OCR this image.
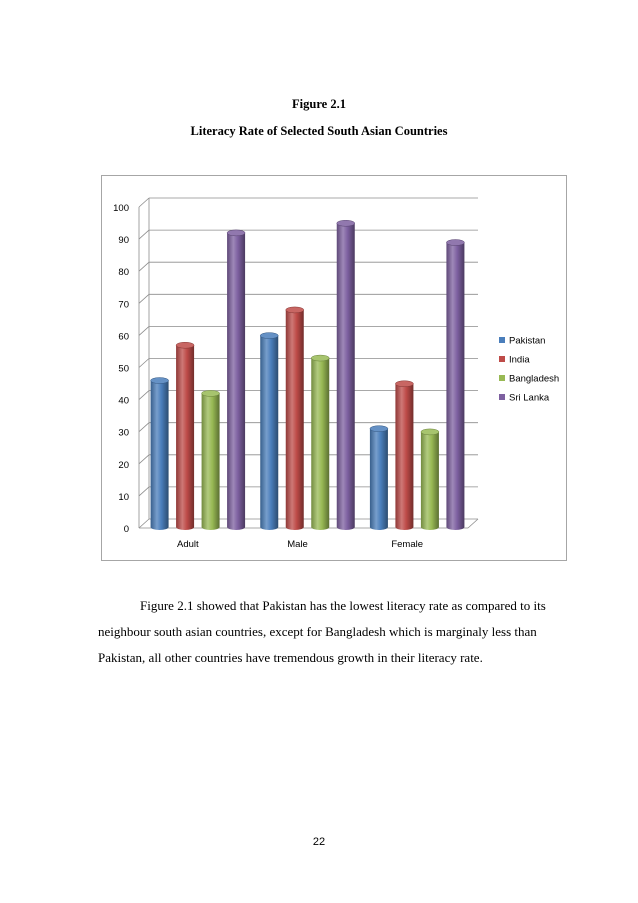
Figure 2.1
Literacy Rate of Selected South Asian Countries
0
10
20
30
40
50
60
70
80
90
100
Adult	Male	Female
Pakistan
India
Bangladesh
Sri Lanka
Figure 2.1 showed that Pakistan has the lowest literacy rate as compared to its
neighbour south asian countries, except for Bangladesh which is marginaly less than
Pakistan, all other countries have tremendous growth in their literacy rate.
22
